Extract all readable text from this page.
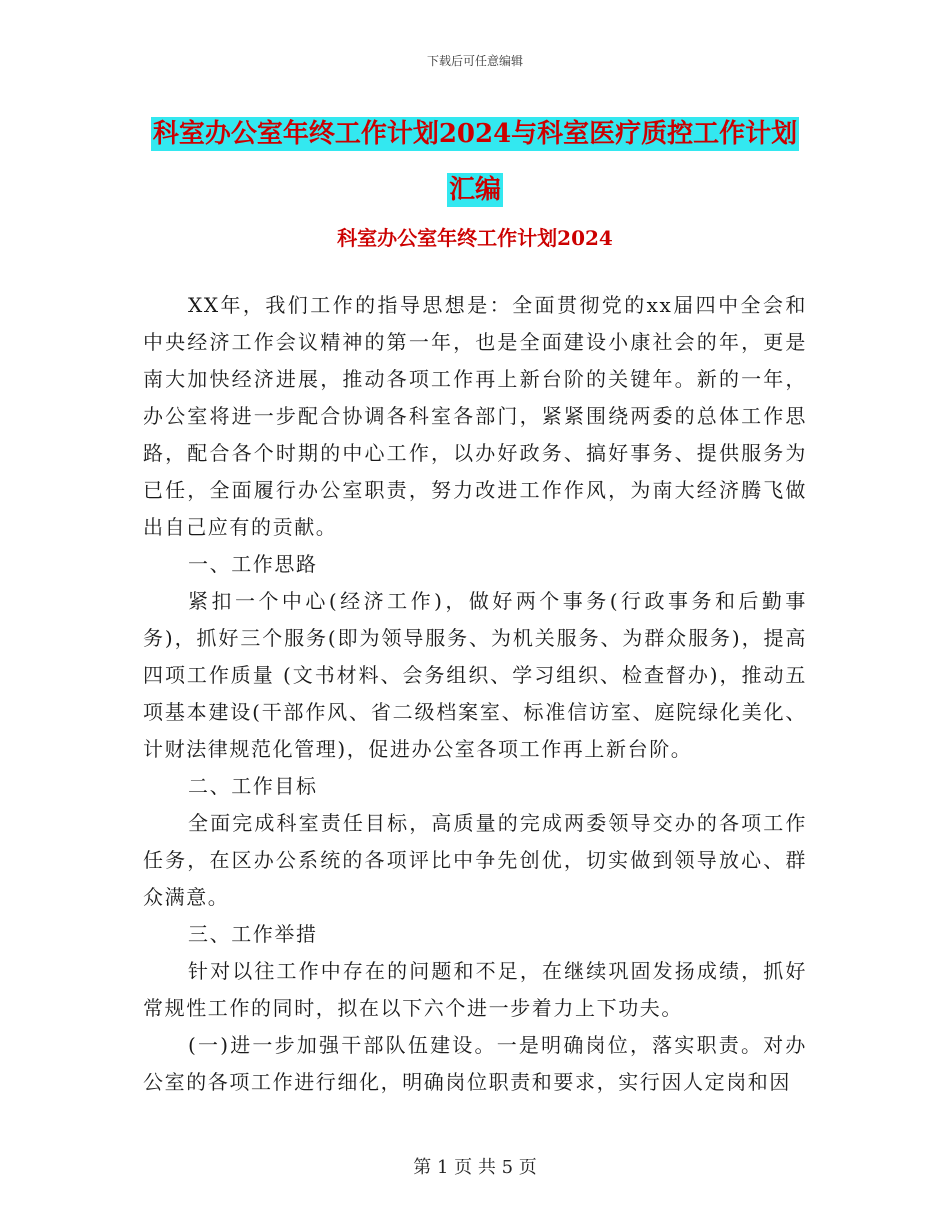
下载后可任意编辑
科室办公室年终工作计划2024与科室医疗质控工作计划汇编
科室办公室年终工作计划2024

XX年，我们工作的指导思想是：全面贯彻党的xx届四中全会和中央经济工作会议精神的第一年，也是全面建设小康社会的年，更是南大加快经济进展，推动各项工作再上新台阶的关键年。新的一年，办公室将进一步配合协调各科室各部门，紧紧围绕两委的总体工作思路，配合各个时期的中心工作，以办好政务、搞好事务、提供服务为已任，全面履行办公室职责，努力改进工作作风，为南大经济腾飞做出自己应有的贡献。

一、工作思路

紧扣一个中心(经济工作)，做好两个事务(行政事务和后勤事务)，抓好三个服务(即为领导服务、为机关服务、为群众服务)，提高四项工作质量 (文书材料、会务组织、学习组织、检查督办)，推动五项基本建设(干部作风、省二级档案室、标准信访室、庭院绿化美化、计财法律规范化管理)，促进办公室各项工作再上新台阶。

二、工作目标

全面完成科室责任目标，高质量的完成两委领导交办的各项工作任务，在区办公系统的各项评比中争先创优，切实做到领导放心、群众满意。

三、工作举措

针对以往工作中存在的问题和不足，在继续巩固发扬成绩，抓好常规性工作的同时，拟在以下六个进一步着力上下功夫。

(一)进一步加强干部队伍建设。一是明确岗位，落实职责。对办公室的各项工作进行细化，明确岗位职责和要求，实行因人定岗和因

第 1 页 共 5 页
